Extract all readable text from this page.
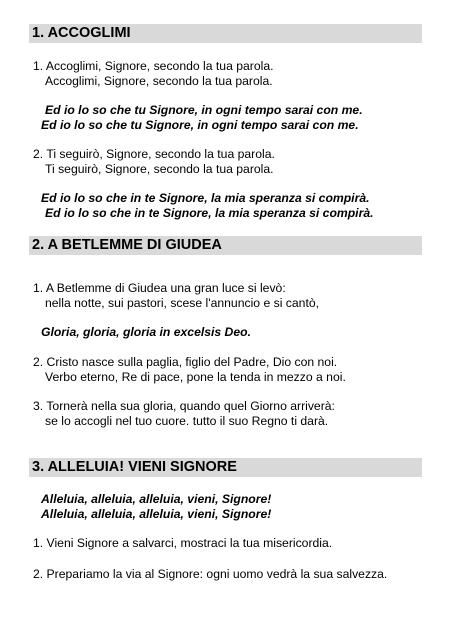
1. ACCOGLIMI
1. Accoglimi, Signore, secondo la tua parola.
Accoglimi, Signore, secondo la tua parola.
Ed io lo so che tu Signore, in ogni tempo sarai con me.
Ed io lo so che tu Signore, in ogni tempo sarai con me.
2. Ti seguirò, Signore, secondo la tua parola.
Ti seguirò, Signore, secondo la tua parola.
Ed io lo so che in te Signore, la mia speranza si compirà.
Ed io lo so che in te Signore, la mia speranza si compirà.
2. A BETLEMME DI GIUDEA
1. A Betlemme di Giudea una gran luce si levò:
nella notte, sui pastori, scese l'annuncio e si cantò,
Gloria, gloria, gloria in excelsis Deo.
2. Cristo nasce sulla paglia, figlio del Padre, Dio con noi.
Verbo eterno, Re di pace, pone la tenda in mezzo a noi.
3. Tornerà nella sua gloria, quando quel Giorno arriverà:
se lo accogli nel tuo cuore. tutto il suo Regno ti darà.
3. ALLELUIA! VIENI SIGNORE
Alleluia, alleluia, alleluia, vieni, Signore!
Alleluia, alleluia, alleluia, vieni, Signore!
1. Vieni Signore a salvarci, mostraci la tua misericordia.
2. Prepariamo la via al Signore: ogni uomo vedrà la sua salvezza.
